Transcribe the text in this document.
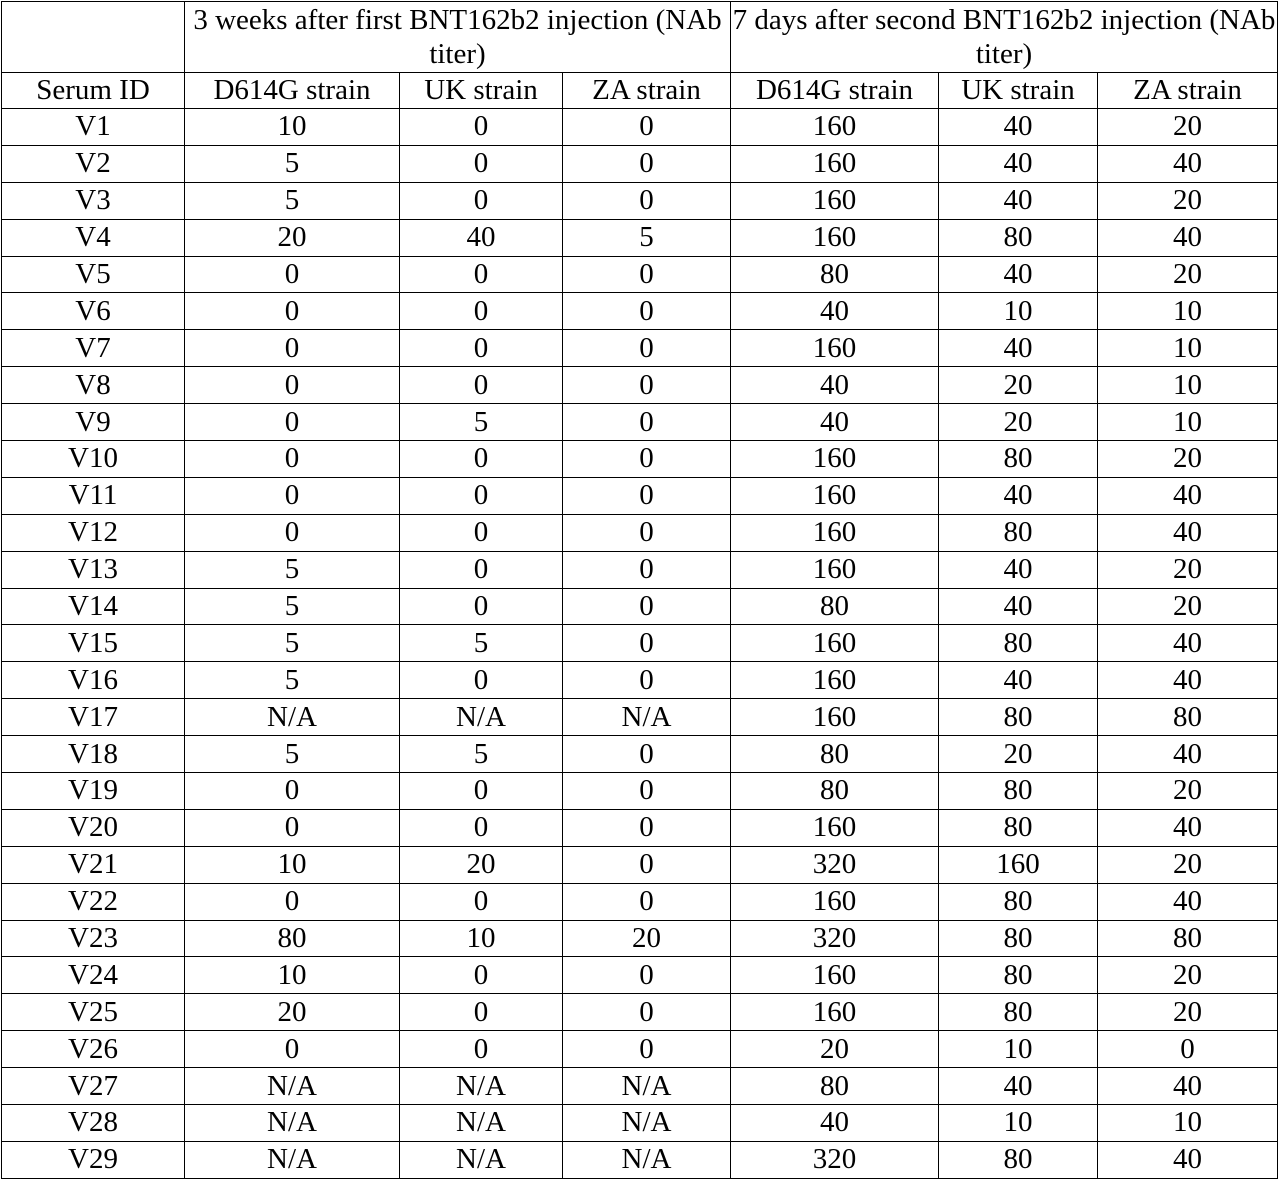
	3 weeks after first BNT162b2 injection (NAb titer)			7 days after second BNT162b2 injection (NAb titer)		
Serum ID	D614G strain	UK strain	ZA strain	D614G strain	UK strain	ZA strain
V1	10	0	0	160	40	20
V2	5	0	0	160	40	40
V3	5	0	0	160	40	20
V4	20	40	5	160	80	40
V5	0	0	0	80	40	20
V6	0	0	0	40	10	10
V7	0	0	0	160	40	10
V8	0	0	0	40	20	10
V9	0	5	0	40	20	10
V10	0	0	0	160	80	20
V11	0	0	0	160	40	40
V12	0	0	0	160	80	40
V13	5	0	0	160	40	20
V14	5	0	0	80	40	20
V15	5	5	0	160	80	40
V16	5	0	0	160	40	40
V17	N/A	N/A	N/A	160	80	80
V18	5	5	0	80	20	40
V19	0	0	0	80	80	20
V20	0	0	0	160	80	40
V21	10	20	0	320	160	20
V22	0	0	0	160	80	40
V23	80	10	20	320	80	80
V24	10	0	0	160	80	20
V25	20	0	0	160	80	20
V26	0	0	0	20	10	0
V27	N/A	N/A	N/A	80	40	40
V28	N/A	N/A	N/A	40	10	10
V29	N/A	N/A	N/A	320	80	40
